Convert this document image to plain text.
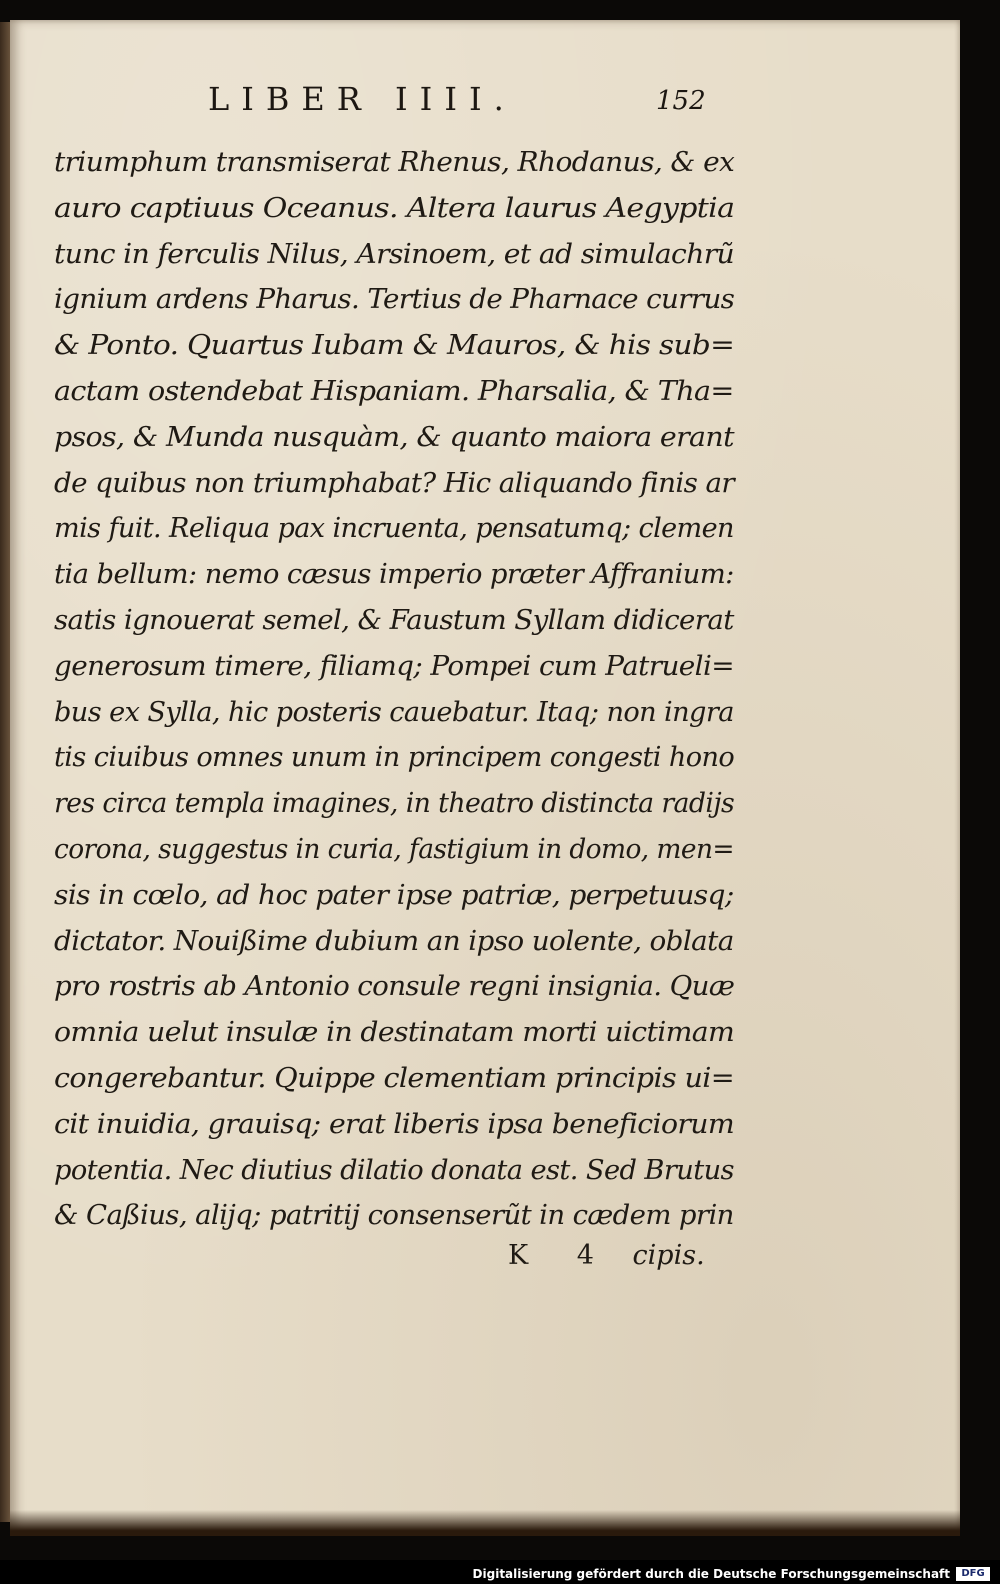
LIBER IIII.	152
triumphum transmiserat Rhenus, Rhodanus, & ex
auro captiuus Oceanus. Altera laurus Aegyptia
tunc in ferculis Nilus, Arsinoem, et ad simulachrũ
ignium ardens Pharus. Tertius de Pharnace currus
& Ponto. Quartus Iubam & Mauros, & his sub=
actam ostendebat Hispaniam. Pharsalia, & Tha=
psos, & Munda nusquàm, & quanto maiora erant
de quibus non triumphabat? Hic aliquando finis ar
mis fuit. Reliqua pax incruenta, pensatumq; clemen
tia bellum: nemo cæsus imperio præter Affranium:
satis ignouerat semel, & Faustum Syllam didicerat
generosum timere, filiamq; Pompei cum Patrueli=
bus ex Sylla, hic posteris cauebatur. Itaq; non ingra
tis ciuibus omnes unum in principem congesti hono
res circa templa imagines, in theatro distincta radijs
corona, suggestus in curia, fastigium in domo, men=
sis in cœlo, ad hoc pater ipse patriæ, perpetuusq;
dictator. Nouißime dubium an ipso uolente, oblata
pro rostris ab Antonio consule regni insignia. Quæ
omnia uelut insulæ in destinatam morti uictimam
congerebantur. Quippe clementiam principis ui=
cit inuidia, grauisq; erat liberis ipsa beneficiorum
potentia. Nec diutius dilatio donata est. Sed Brutus
& Caßius, alijq; patritij consenserũt in cædem prin
K 4 cipis.
Digitalisierung gefördert durch die Deutsche Forschungsgemeinschaft	DFG
